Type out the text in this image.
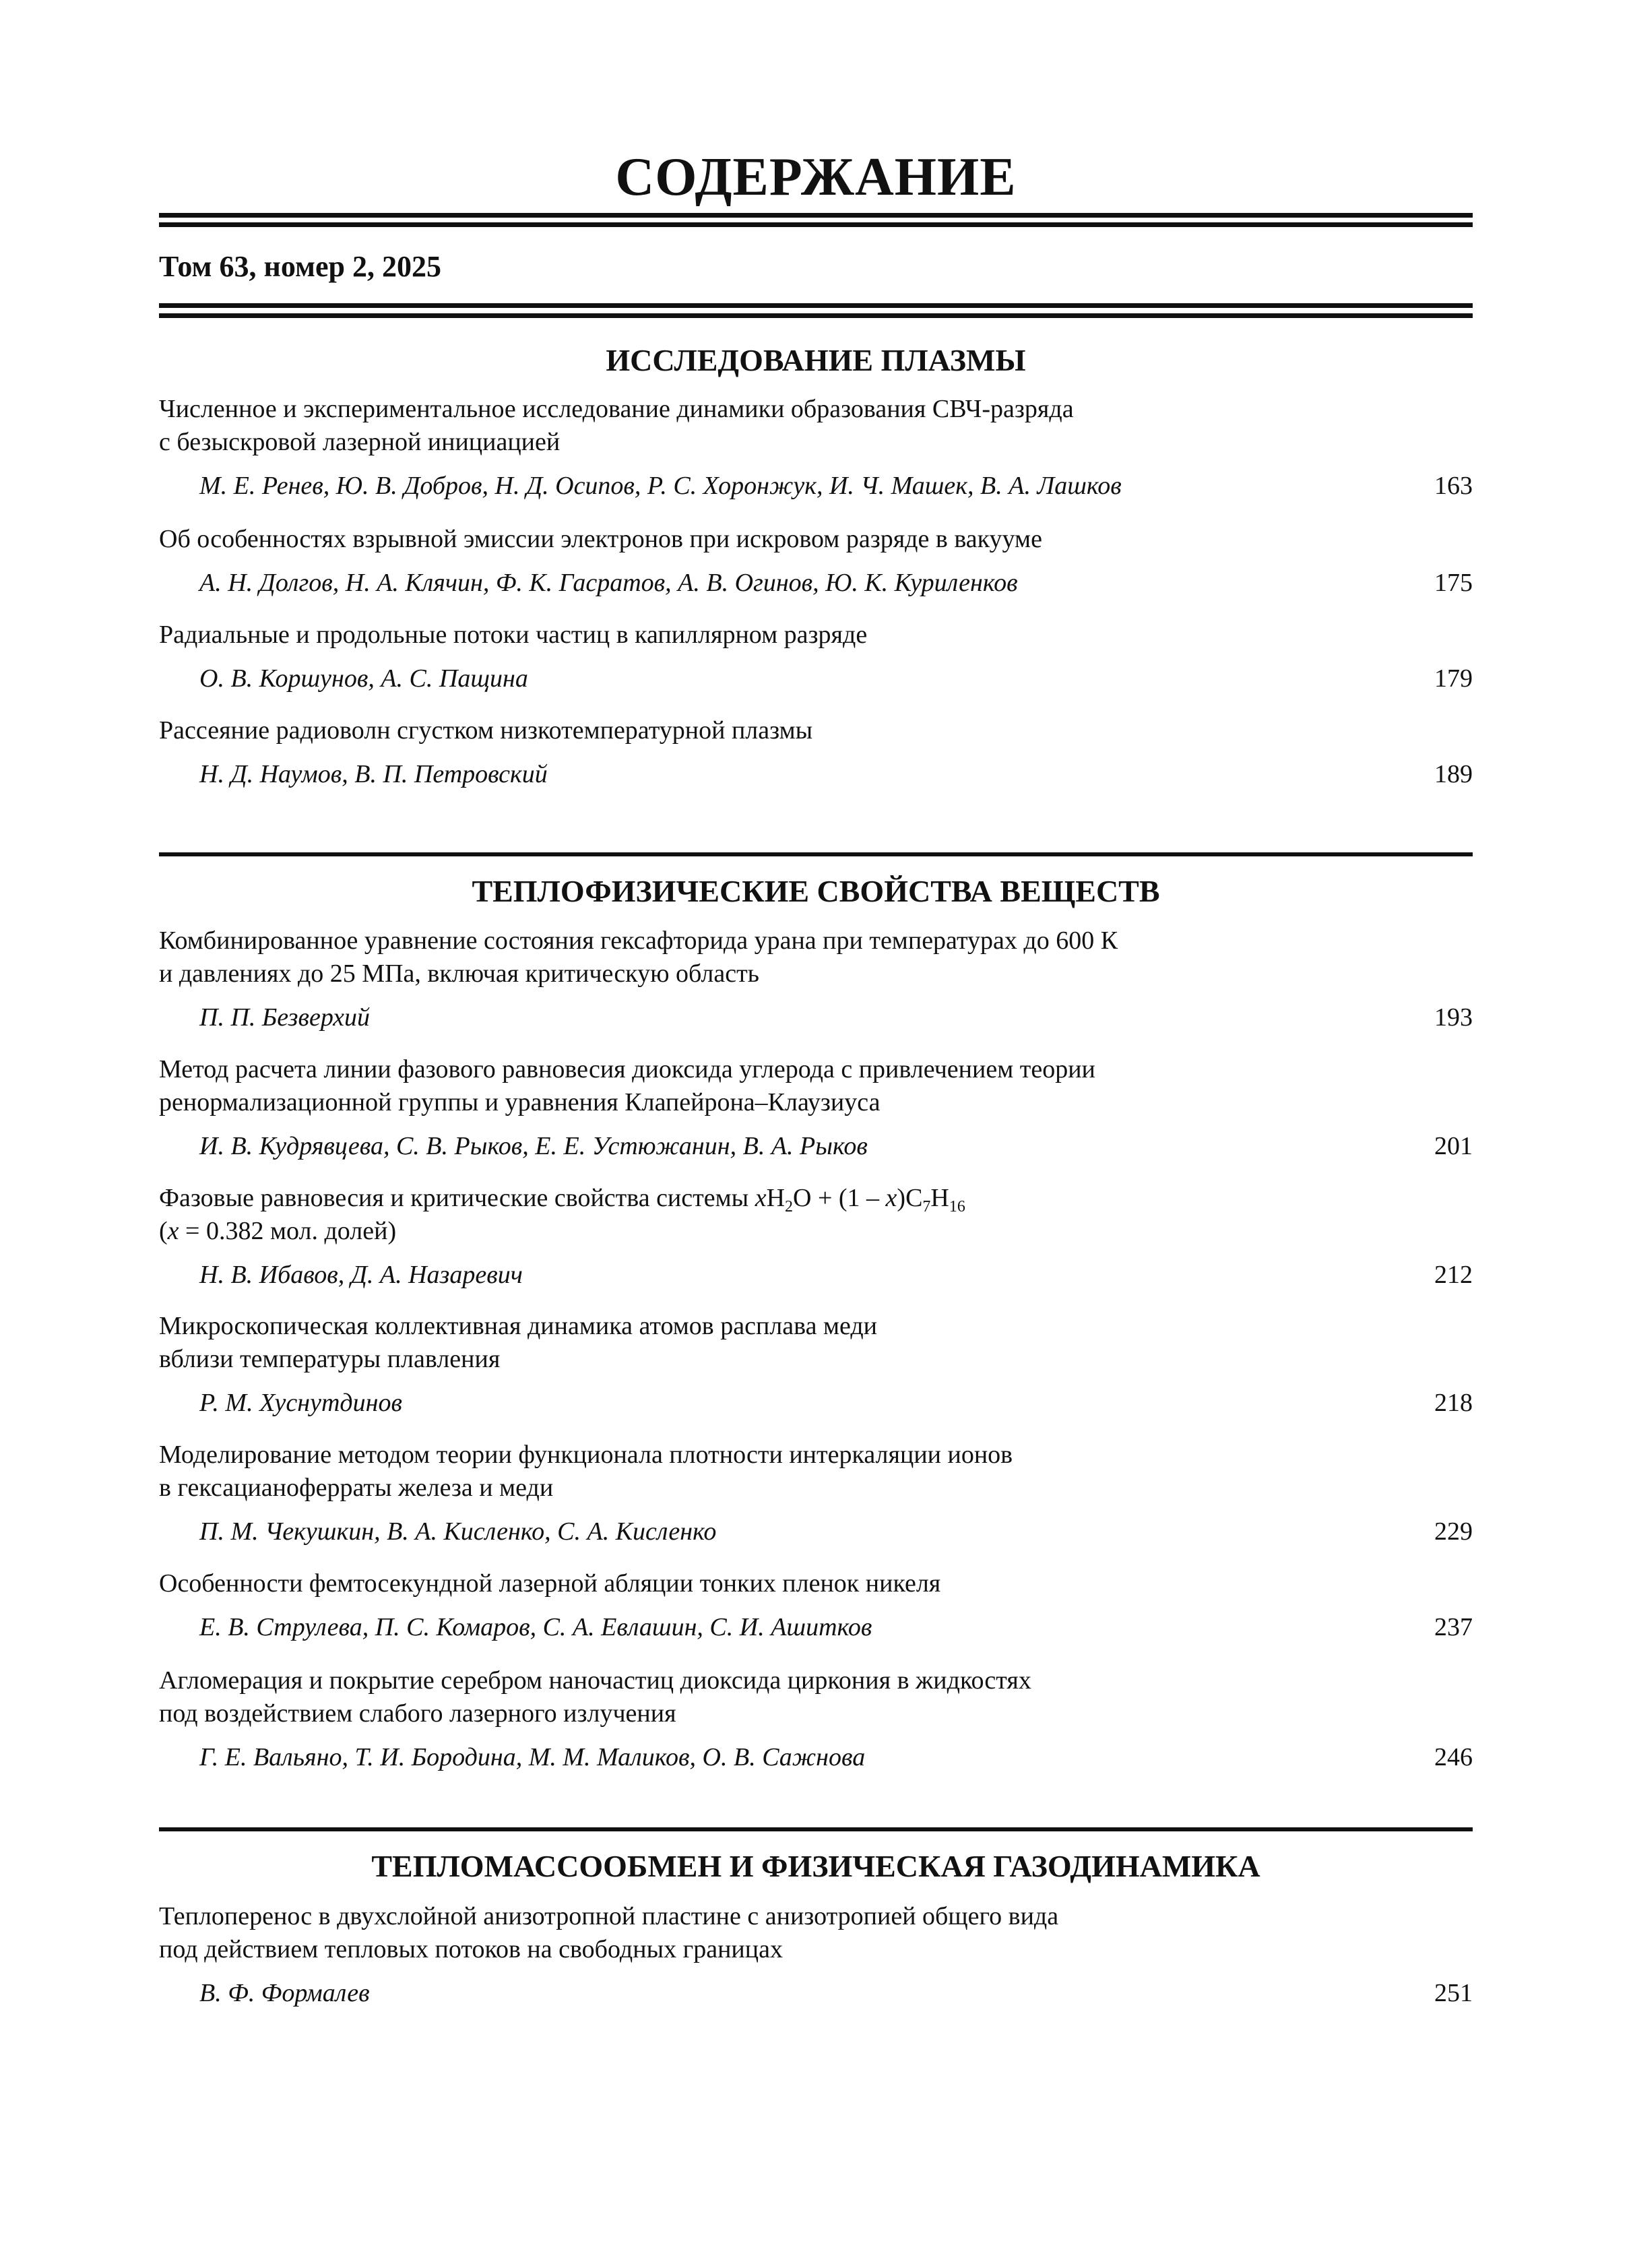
СОДЕРЖАНИЕ
Том 63, номер 2, 2025
ИССЛЕДОВАНИЕ ПЛАЗМЫ
Численное и экспериментальное исследование динамики образования СВЧ-разряда
с безыскровой лазерной инициацией
М. Е. Ренев, Ю. В. Добров, Н. Д. Осипов, Р. С. Хоронжук, И. Ч. Машек, В. А. Лашков	163
Об особенностях взрывной эмиссии электронов при искровом разряде в вакууме
А. Н. Долгов, Н. А. Клячин, Ф. К. Гасратов, А. В. Огинов, Ю. К. Куриленков	175
Радиальные и продольные потоки частиц в капиллярном разряде
О. В. Коршунов, А. С. Пащина	179
Рассеяние радиоволн сгустком низкотемпературной плазмы
Н. Д. Наумов, В. П. Петровский	189
ТЕПЛОФИЗИЧЕСКИЕ СВОЙСТВА ВЕЩЕСТВ
Комбинированное уравнение состояния гексафторида урана при температурах до 600 К
и давлениях до 25 МПа, включая критическую область
П. П. Безверхий	193
Метод расчета линии фазового равновесия диоксида углерода с привлечением теории
ренормализационной группы и уравнения Клапейрона–Клаузиуса
И. В. Кудрявцева, С. В. Рыков, Е. Е. Устюжанин, В. А. Рыков	201
Фазовые равновесия и критические свойства системы $xH_2O + (1 - x)C_7H_{16}$
(x = 0.382 мол. долей)
Н. В. Ибавов, Д. А. Назаревич	212
Микроскопическая коллективная динамика атомов расплава меди
вблизи температуры плавления
Р. М. Хуснутдинов	218
Моделирование методом теории функционала плотности интеркаляции ионов
в гексацианоферраты железа и меди
П. М. Чекушкин, В. А. Кисленко, С. А. Кисленко	229
Особенности фемтосекундной лазерной абляции тонких пленок никеля
Е. В. Струлева, П. С. Комаров, С. А. Евлашин, С. И. Ашитков	237
Агломерация и покрытие серебром наночастиц диоксида циркония в жидкостях
под воздействием слабого лазерного излучения
Г. Е. Вальяно, Т. И. Бородина, М. М. Маликов, О. В. Сажнова	246
ТЕПЛОМАССООБМЕН И ФИЗИЧЕСКАЯ ГАЗОДИНАМИКА
Теплоперенос в двухслойной анизотропной пластине с анизотропией общего вида
под действием тепловых потоков на свободных границах
В. Ф. Формалев	251
